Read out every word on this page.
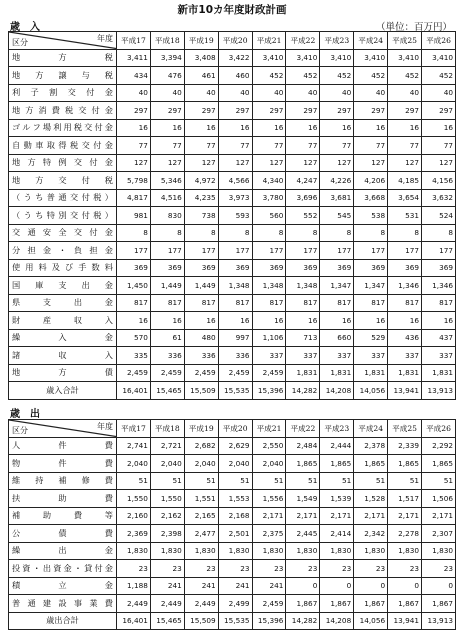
新市10カ年度財政計画
歳　入	（単位：百万円）
区分 年度	平成17	平成18	平成19	平成20	平成21	平成22	平成23	平成24	平成25	平成26
地方税	3,411	3,394	3,408	3,422	3,410	3,410	3,410	3,410	3,410	3,410
地方譲与税	434	476	461	460	452	452	452	452	452	452
利子割交付金	40	40	40	40	40	40	40	40	40	40
地方消費税交付金	297	297	297	297	297	297	297	297	297	297
ゴルフ場利用税交付金	16	16	16	16	16	16	16	16	16	16
自動車取得税交付金	77	77	77	77	77	77	77	77	77	77
地方特例交付金	127	127	127	127	127	127	127	127	127	127
地方交付税	5,798	5,346	4,972	4,566	4,340	4,247	4,226	4,206	4,185	4,156
（うち普通交付税）	4,817	4,516	4,235	3,973	3,780	3,696	3,681	3,668	3,654	3,632
（うち特別交付税）	981	830	738	593	560	552	545	538	531	524
交通安全交付金	8	8	8	8	8	8	8	8	8	8
分担金・負担金	177	177	177	177	177	177	177	177	177	177
使用料及び手数料	369	369	369	369	369	369	369	369	369	369
国庫支出金	1,450	1,449	1,449	1,348	1,348	1,348	1,347	1,347	1,346	1,346
県支出金	817	817	817	817	817	817	817	817	817	817
財産収入	16	16	16	16	16	16	16	16	16	16
繰入金	570	61	480	997	1,106	713	660	529	436	437
諸収入	335	336	336	336	337	337	337	337	337	337
地方債	2,459	2,459	2,459	2,459	2,459	1,831	1,831	1,831	1,831	1,831
歳入合計	16,401	15,465	15,509	15,535	15,396	14,282	14,208	14,056	13,941	13,913
歳　出
区分 年度	平成17	平成18	平成19	平成20	平成21	平成22	平成23	平成24	平成25	平成26
人件費	2,741	2,721	2,682	2,629	2,550	2,484	2,444	2,378	2,339	2,292
物件費	2,040	2,040	2,040	2,040	2,040	1,865	1,865	1,865	1,865	1,865
維持補修費	51	51	51	51	51	51	51	51	51	51
扶助費	1,550	1,550	1,551	1,553	1,556	1,549	1,539	1,528	1,517	1,506
補助費等	2,160	2,162	2,165	2,168	2,171	2,171	2,171	2,171	2,171	2,171
公債費	2,369	2,398	2,477	2,501	2,375	2,445	2,414	2,342	2,278	2,307
繰出金	1,830	1,830	1,830	1,830	1,830	1,830	1,830	1,830	1,830	1,830
投資・出資金・貸付金	23	23	23	23	23	23	23	23	23	23
積立金	1,188	241	241	241	241	0	0	0	0	0
普通建設事業費	2,449	2,449	2,449	2,499	2,459	1,867	1,867	1,867	1,867	1,867
歳出合計	16,401	15,465	15,509	15,535	15,396	14,282	14,208	14,056	13,941	13,913
